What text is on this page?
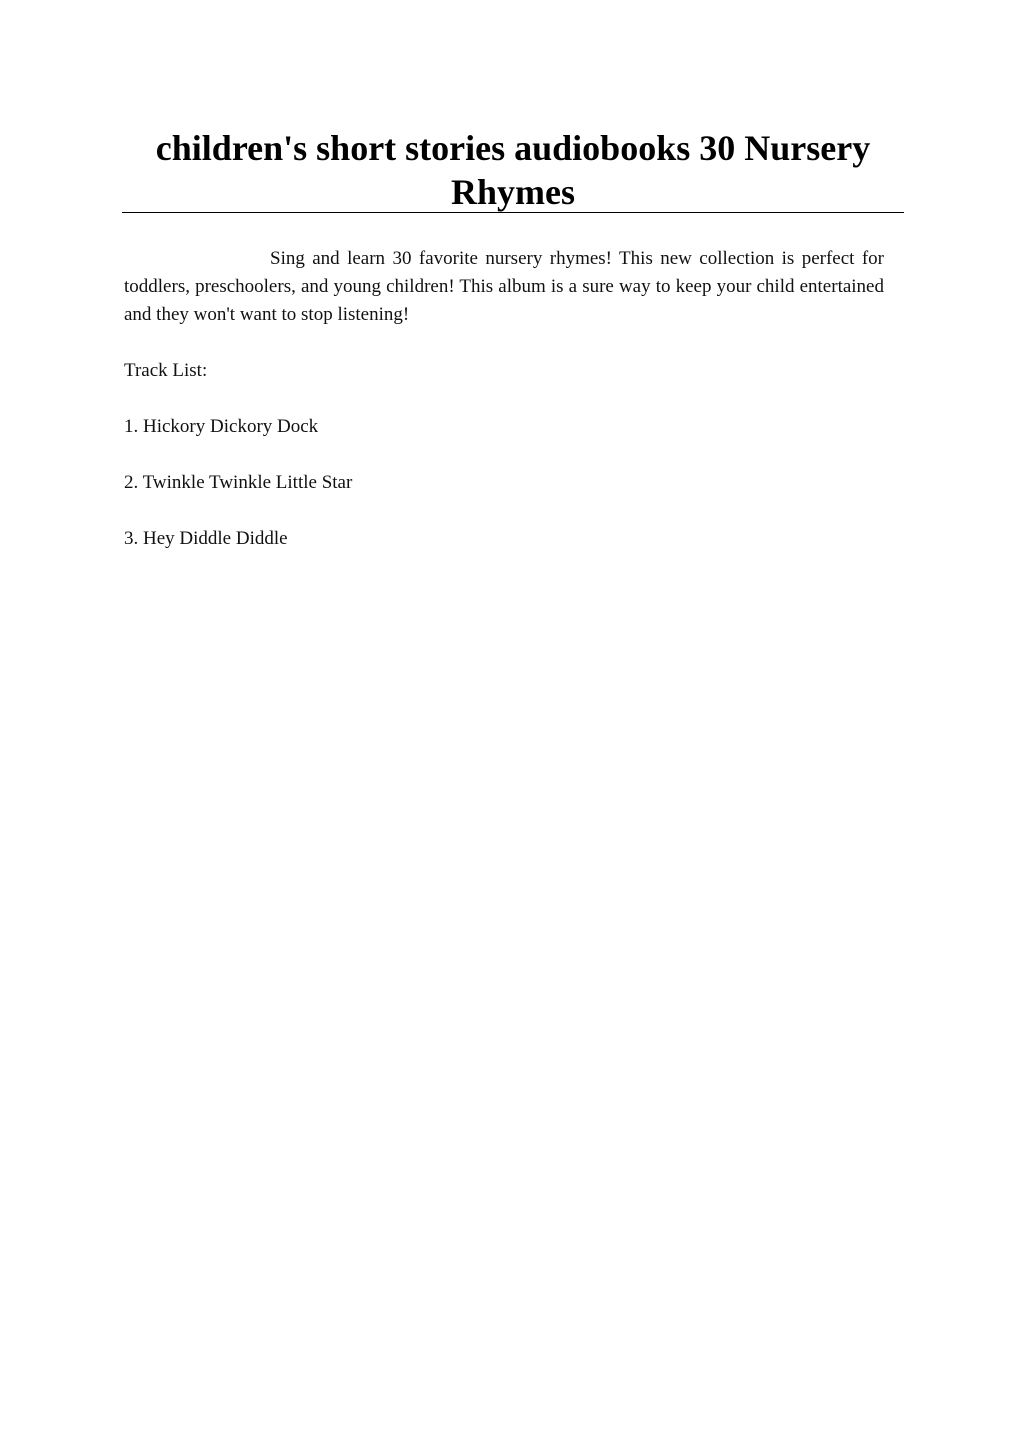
children's short stories audiobooks 30 Nursery Rhymes

Sing and learn 30 favorite nursery rhymes! This new collection is perfect for toddlers, preschoolers, and young children! This album is a sure way to keep your child entertained and they won't want to stop listening!

Track List:

1. Hickory Dickory Dock

2. Twinkle Twinkle Little Star

3. Hey Diddle Diddle
